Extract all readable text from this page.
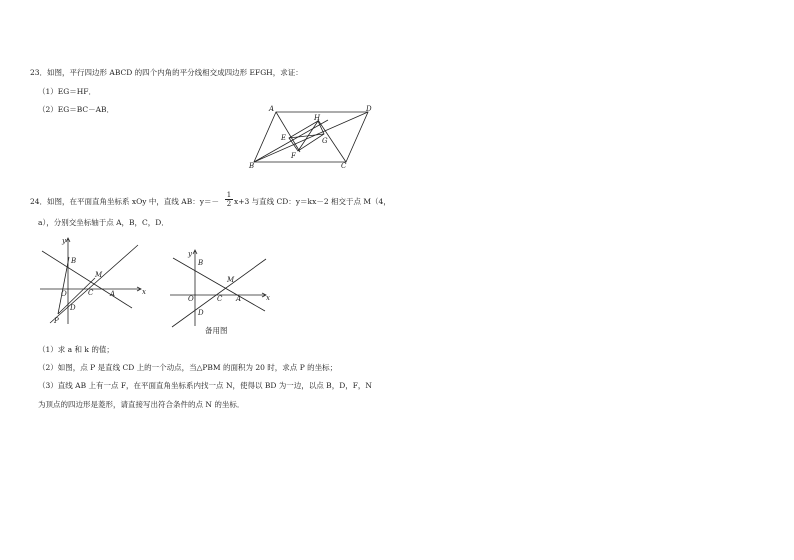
23．如图，平行四边形 ABCD 的四个内角的平分线相交成四边形 EFGH，求证：
（1）EG＝HF．
（2）EG＝BC－AB．	A	D
H
E	G
F
B	C
24．如图，在平面直角坐标系 xOy 中，直线 AB：$y=- \frac{1}{2} x+3$ 与直线 CD：y＝kx－2 相交于点 M（4，
a），分别交坐标轴于点 A，B，C，D．
y
B
M
O	C A	x
D
P
y
B
M
O	C A	x
D
备用图
（1）求 a 和 k 的值；
（2）如图，点 P 是直线 CD 上的一个动点，当△PBM 的面积为 20 时，求点 P 的坐标；
（3）直线 AB 上有一点 F，在平面直角坐标系内找一点 N，使得以 BD 为一边，以点 B，D，F，N
为顶点的四边形是菱形，请直接写出符合条件的点 N 的坐标．
